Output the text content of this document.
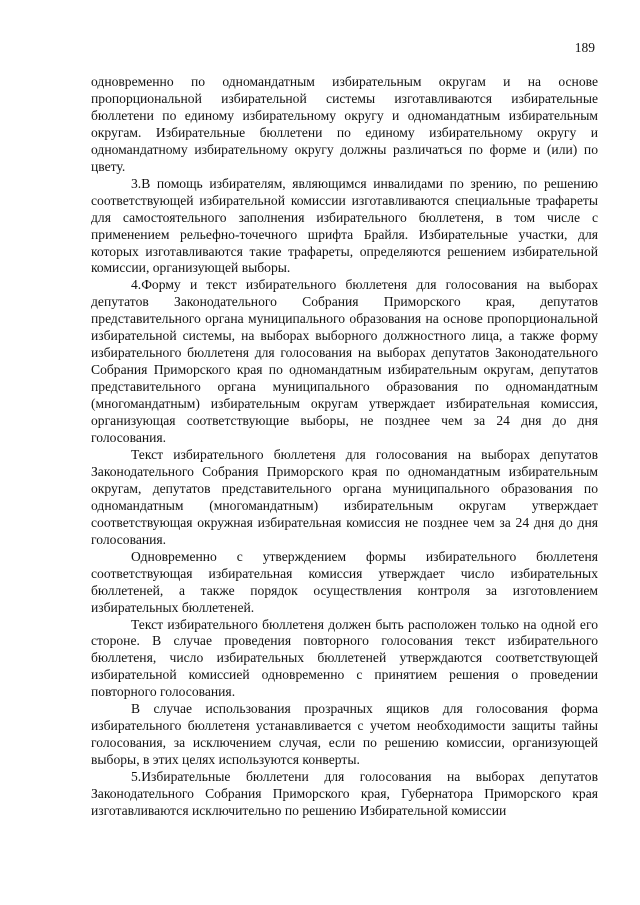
189

одновременно по одномандатным избирательным округам и на основе пропорциональной избирательной системы изготавливаются избирательные бюллетени по единому избирательному округу и одномандатным избирательным округам. Избирательные бюллетени по единому избирательному округу и одномандатному избирательному округу должны различаться по форме и (или) по цвету.

3.В помощь избирателям, являющимся инвалидами по зрению, по решению соответствующей избирательной комиссии изготавливаются специальные трафареты для самостоятельного заполнения избирательного бюллетеня, в том числе с применением рельефно-точечного шрифта Брайля. Избирательные участки, для которых изготавливаются такие трафареты, определяются решением избирательной комиссии, организующей выборы.

4.Форму и текст избирательного бюллетеня для голосования на выборах депутатов Законодательного Собрания Приморского края, депутатов представительного органа муниципального образования на основе пропорциональной избирательной системы, на выборах выборного должностного лица, а также форму избирательного бюллетеня для голосования на выборах депутатов Законодательного Собрания Приморского края по одномандатным избирательным округам, депутатов представительного органа муниципального образования по одномандатным (многомандатным) избирательным округам утверждает избирательная комиссия, организующая соответствующие выборы, не позднее чем за 24 дня до дня голосования.

Текст избирательного бюллетеня для голосования на выборах депутатов Законодательного Собрания Приморского края по одномандатным избирательным округам, депутатов представительного органа муниципального образования по одномандатным (многомандатным) избирательным округам утверждает соответствующая окружная избирательная комиссия не позднее чем за 24 дня до дня голосования.

Одновременно с утверждением формы избирательного бюллетеня соответствующая избирательная комиссия утверждает число избирательных бюллетеней, а также порядок осуществления контроля за изготовлением избирательных бюллетеней.

Текст избирательного бюллетеня должен быть расположен только на одной его стороне. В случае проведения повторного голосования текст избирательного бюллетеня, число избирательных бюллетеней утверждаются соответствующей избирательной комиссией одновременно с принятием решения о проведении повторного голосования.

В случае использования прозрачных ящиков для голосования форма избирательного бюллетеня устанавливается с учетом необходимости защиты тайны голосования, за исключением случая, если по решению комиссии, организующей выборы, в этих целях используются конверты.

5.Избирательные бюллетени для голосования на выборах депутатов Законодательного Собрания Приморского края, Губернатора Приморского края изготавливаются исключительно по решению Избирательной комиссии
